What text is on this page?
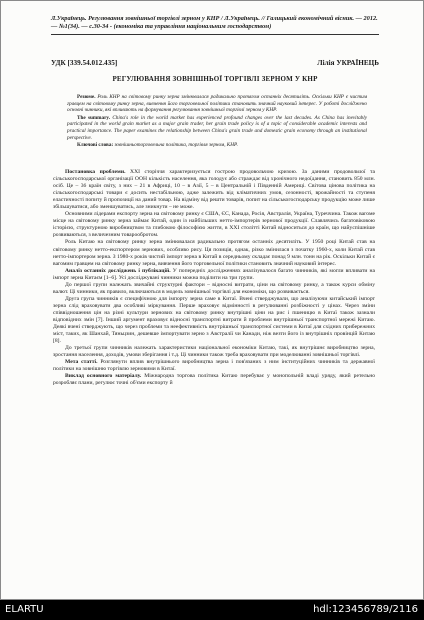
Л.Українець. Регулювання зовнішньої торгівлі зерном у КНР / Л.Українець. // Галицький економічний вісник. — 2012. — №1(34). — с.30-34 - (економіка та управління національним господарством)
УДК [339.54.012.435]	Лілія УКРАЇНЕЦЬ
РЕГУЛЮВАННЯ ЗОВНІШНЬОЇ ТОРГІВЛІ ЗЕРНОМ У КНР

Резюме. Роль КНР на світовому ринку зерна змінювалася радикально протягом останніх десятиліть. Оскільки КНР є чистим гравцем на світовому ринку зерна, вивчення його торговельної політики становить значний науковий інтерес. У роботі досліджено основні чинники, які впливають на формування регулювання зовнішньої торгівлі зерном у КНР.

The summary. China's role in the world market has experienced profound changes over the last decades. As China has inevitably participated in the world grain market as a major grain trader, her grain trade policy is of a topic of considerable academic interests and practical importance. The paper examines the relationship between China's grain trade and domestic grain economy through an institutional perspective.

Ключові слова: зовнішньоторговельна політика, торгівля зерном, КНР.

Постановка проблеми. XXI сторіччя характеризується гострою продовольчою кризою. За даними продовольчої та сільськогосподарської організації ООН кількість населення, яка голодує або страждає від хронічного недоїдання, становить 850 млн. осіб. Це – 36 країн світу, з них – 21 в Африці, 10 – в Азії, 5 – в Центральній і Південній Америці. Світова цінова політика на сільськогосподарські товари є досить нестабільною, адже залежить від кліматичних умов, сезонності, врожайності та ступеня еластичності попиту й пропозиції на даний товар. На відміну від решти товарів, попит на сільськогосподарську продукцію може лише збільшуватися, або зменшуватись, але зникнути – не може.

Основними лідерами експорту зерна на світовому ринку є США, ЄС, Канада, Росія, Австралія, Україна, Туреччина. Також вагоме місце на світовому ринку зерна займає Китай, один із найбільших нетто-імпортерів зернової продукції. Славлячись багатовіковою історією, структурною виробництвом та глибокою філософією життя, в XXI столітті Китай відноситься до країн, що найуспішніше розвиваються, з величезним товарообротом.

Роль Китаю на світовому ринку зерна змінювалася радикально протягом останніх десятиліть. У 1950 році Китай став на світовому ринку нетто-експортером зернових, особливо рису. Ця позиція, однак, різко змінилася з початку 1960-х, коли Китай став нетто-імпортером зерна. З 1980-х років чистий імпорт зерна в Китай в середньому складає понад 9 млн. тонн на рік. Оскільки Китай є вагомим гравцем на світовому ринку зерна, вивчення його торговельної політики становить значний науковий інтерес.

Аналіз останніх досліджень і публікацій. У попередніх дослідженнях аналізувалося багато чинників, які могли впливати на імпорт зерна Китаєм [1–6]. Усі досліджувані чинники можна поділити на три групи.

До першої групи належать звичайні структурні фактори – відносні витрати, ціни на світовому ринку, а також курси обміну валют. Ці чинники, як правило, включаються в модель зовнішньої торгівлі для економіки, що розвивається.

Друга група чинників є специфічною для імпорту зерна саме в Китаї. Вчені стверджували, що аналізуючи китайський імпорт зерна слід враховувати два особливі міркування. Перше враховує відмінності в регулюванні розбіжності у цінах. Через зміни співвідношення цін на різні культури зернових на світовому ринку внутрішні ціни на рис і пшеницю в Китаї також зазнали відповідних змін [7]. Інший аргумент враховує відносні транспортні витрати й проблеми внутрішньої транспортної мережі Китаю. Деякі вчені стверджують, що через проблеми та неефективність внутрішньої транспортної системи в Китаї для східних прибережних міст, таких, як Шанхай, Тяньцзин, дешевше імпортувати зерно з Австралії чи Канади, ніж везти його із внутрішніх провінцій Китаю [8].

До третьої групи чинників належать характеристики національної економіки Китаю, такі, як внутрішнє виробництво зерна, зростання населення, доходів, умови зберігання і т.д. Ці чинники також треба враховувати при моделюванні зовнішньої торгівлі.

Мета статті. Розглянути вплив внутрішнього виробництва зерна і пов'язаних з ним інституційних чинників та державної політики на зовнішню торгівлю зерновими в Китаї.

Виклад основного матеріалу. Міжнародна торгова політика Китаю перебуває у монопольній владі уряду, який ретельно розробляє плани, регулює точні об'єми експорту й

ELARTU	hdl:123456789/2116
